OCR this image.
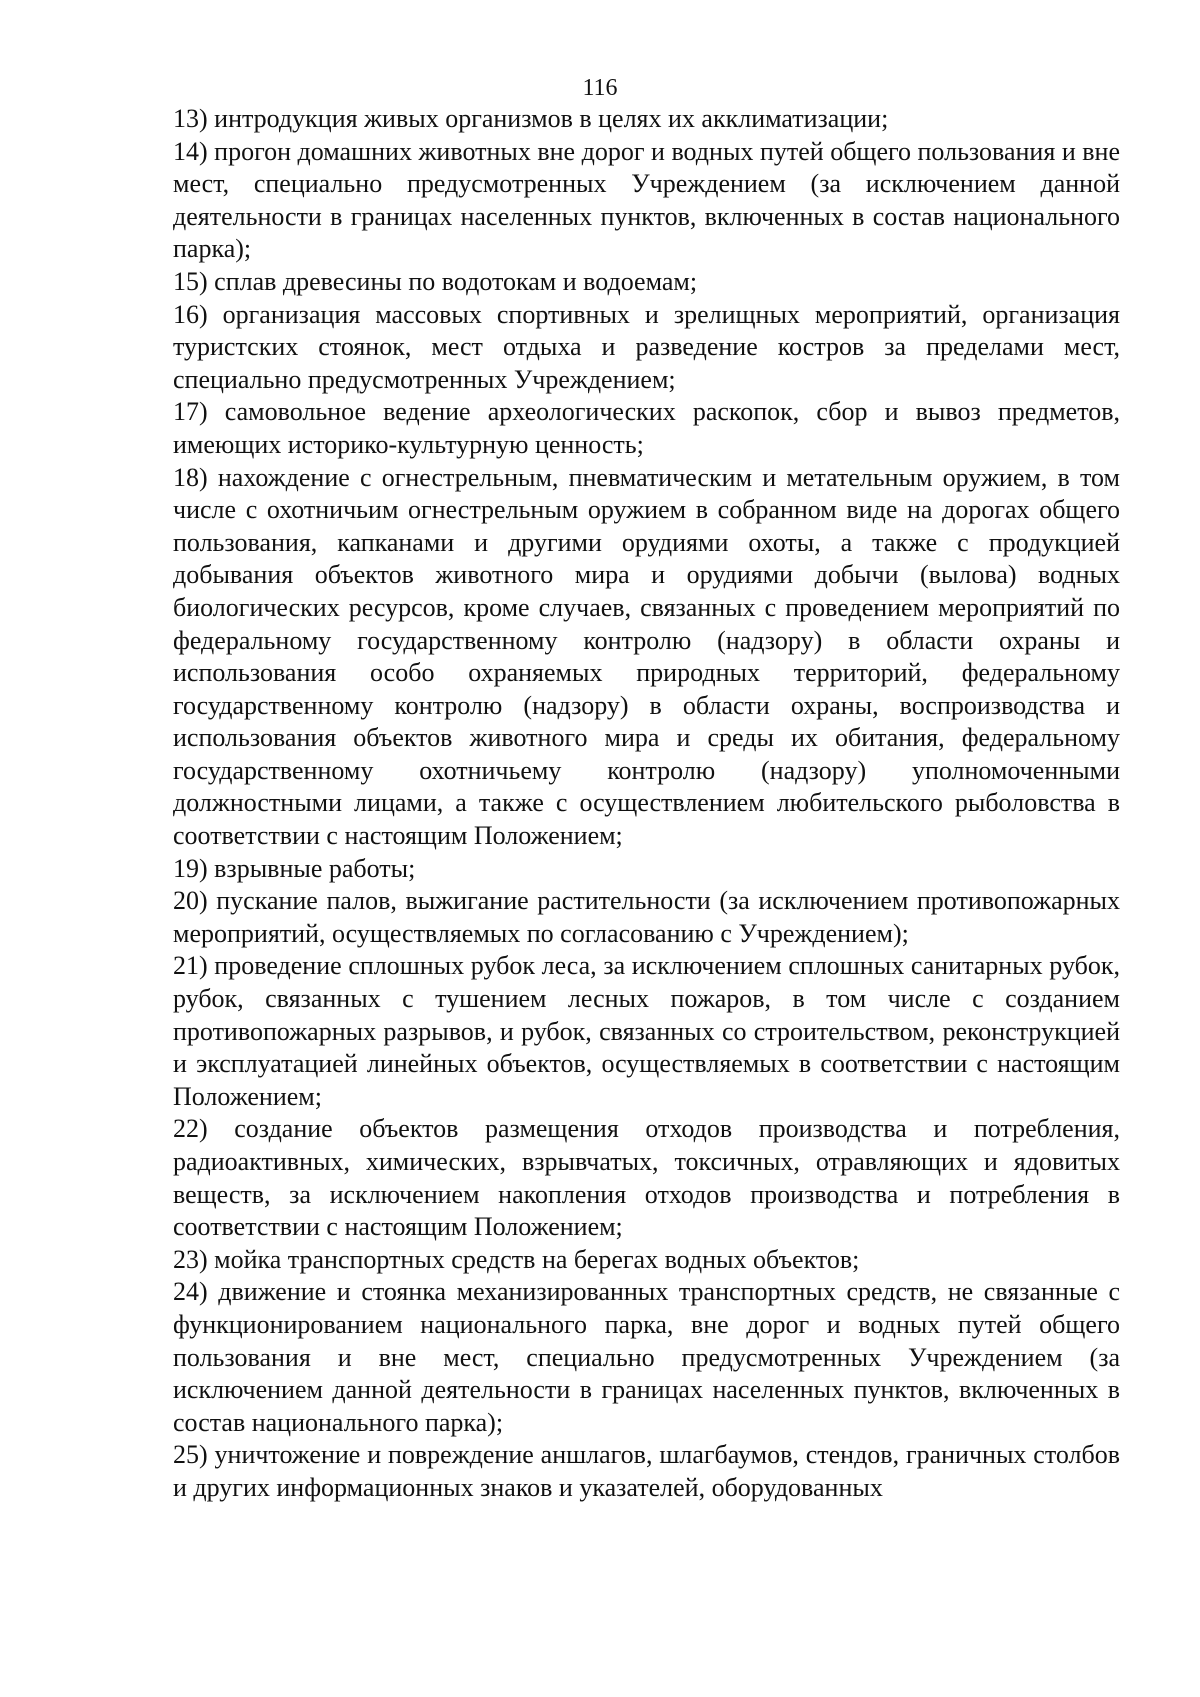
116

13) интродукция живых организмов в целях их акклиматизации;

14) прогон домашних животных вне дорог и водных путей общего пользования и вне мест, специально предусмотренных Учреждением (за исключением данной деятельности в границах населенных пунктов, включенных в состав национального парка);

15) сплав древесины по водотокам и водоемам;

16) организация массовых спортивных и зрелищных мероприятий, организация туристских стоянок, мест отдыха и разведение костров за пределами мест, специально предусмотренных Учреждением;

17) самовольное ведение археологических раскопок, сбор и вывоз предметов, имеющих историко-культурную ценность;

18) нахождение с огнестрельным, пневматическим и метательным оружием, в том числе с охотничьим огнестрельным оружием в собранном виде на дорогах общего пользования, капканами и другими орудиями охоты, а также с продукцией добывания объектов животного мира и орудиями добычи (вылова) водных биологических ресурсов, кроме случаев, связанных с проведением мероприятий по федеральному государственному контролю (надзору) в области охраны и использования особо охраняемых природных территорий, федеральному государственному контролю (надзору) в области охраны, воспроизводства и использования объектов животного мира и среды их обитания, федеральному государственному охотничьему контролю (надзору) уполномоченными должностными лицами, а также с осуществлением любительского рыболовства в соответствии с настоящим Положением;

19) взрывные работы;

20) пускание палов, выжигание растительности (за исключением противопожарных мероприятий, осуществляемых по согласованию с Учреждением);

21) проведение сплошных рубок леса, за исключением сплошных санитарных рубок, рубок, связанных с тушением лесных пожаров, в том числе с созданием противопожарных разрывов, и рубок, связанных со строительством, реконструкцией и эксплуатацией линейных объектов, осуществляемых в соответствии с настоящим Положением;

22) создание объектов размещения отходов производства и потребления, радиоактивных, химических, взрывчатых, токсичных, отравляющих и ядовитых веществ, за исключением накопления отходов производства и потребления в соответствии с настоящим Положением;

23) мойка транспортных средств на берегах водных объектов;

24) движение и стоянка механизированных транспортных средств, не связанные с функционированием национального парка, вне дорог и водных путей общего пользования и вне мест, специально предусмотренных Учреждением (за исключением данной деятельности в границах населенных пунктов, включенных в состав национального парка);

25) уничтожение и повреждение аншлагов, шлагбаумов, стендов, граничных столбов и других информационных знаков и указателей, оборудованных
